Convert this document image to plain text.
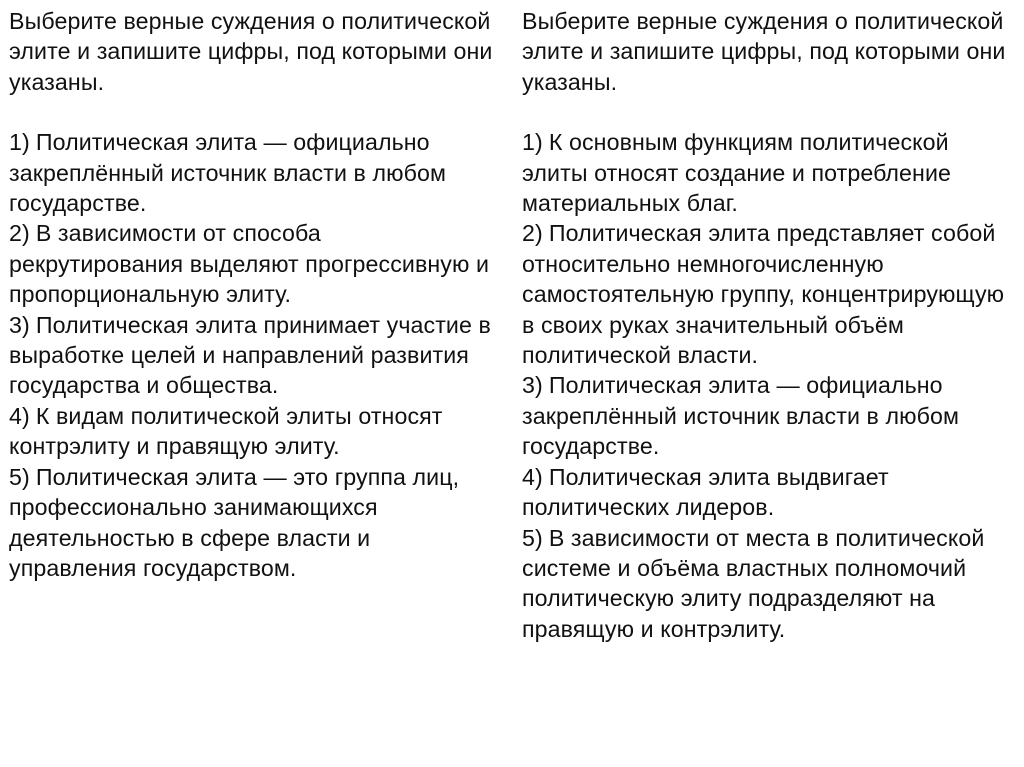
Выберите верные суждения о политической элите и запишите цифры, под которыми они указаны.

1) Политическая элита — официально закреплённый источник власти в любом государстве.
2) В зависимости от способа рекрутирования выделяют прогрессивную и пропорциональную элиту.
3) Политическая элита принимает участие в выработке целей и направлений развития государства и общества.
4) К видам политической элиты относят контрэлиту и правящую элиту.
5) Политическая элита — это группа лиц, профессионально занимающихся деятельностью в сфере власти и управления государством.

Выберите верные суждения о политической элите и запишите цифры, под которыми они указаны.

1) К основным функциям политической элиты относят создание и потребление материальных благ.
2) Политическая элита представляет собой относительно немногочисленную самостоятельную группу, концентрирующую в своих руках значительный объём политической власти.
3) Политическая элита — официально закреплённый источник власти в любом государстве.
4) Политическая элита выдвигает политических лидеров.
5) В зависимости от места в политической системе и объёма властных полномочий политическую элиту подразделяют на правящую и контрэлиту.
